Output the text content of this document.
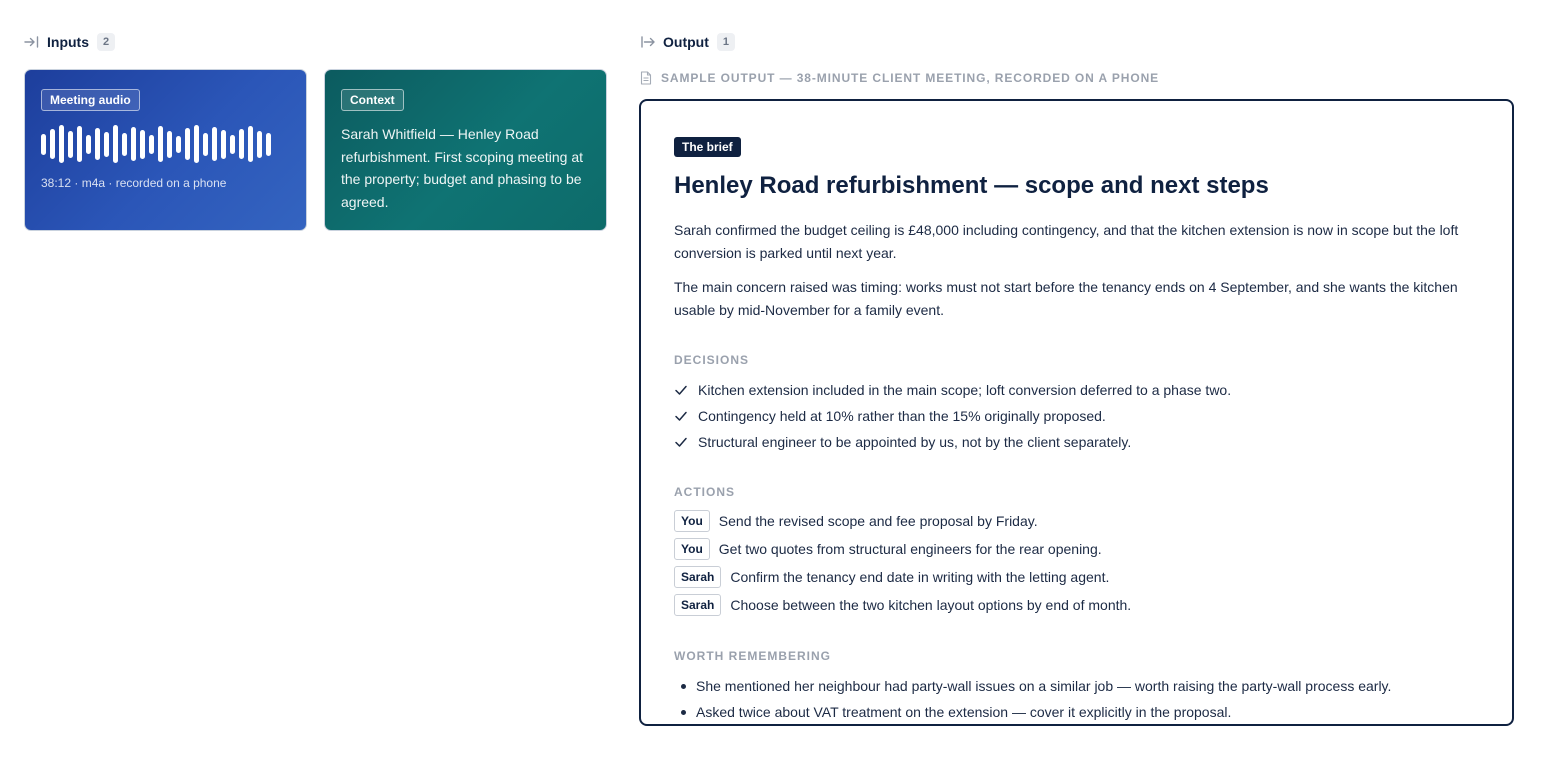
Inputs	2	Output	1
Meeting audio
38:12 · m4a · recorded on a phone
Context
Sarah Whitfield — Henley Road refurbishment. First scoping meeting at the property; budget and phasing to be agreed.
SAMPLE OUTPUT — 38-MINUTE CLIENT MEETING, RECORDED ON A PHONE
The brief
Henley Road refurbishment — scope and next steps

Sarah confirmed the budget ceiling is £48,000 including contingency, and that the kitchen extension is now in scope but the loft conversion is parked until next year.

The main concern raised was timing: works must not start before the tenancy ends on 4 September, and she wants the kitchen usable by mid-November for a family event.

DECISIONS
Kitchen extension included in the main scope; loft conversion deferred to a phase two.
Contingency held at 10% rather than the 15% originally proposed.
Structural engineer to be appointed by us, not by the client separately.
ACTIONS
You	Send the revised scope and fee proposal by Friday.
You	Get two quotes from structural engineers for the rear opening.
Sarah	Confirm the tenancy end date in writing with the letting agent.
Sarah	Choose between the two kitchen layout options by end of month.
WORTH REMEMBERING
She mentioned her neighbour had party-wall issues on a similar job — worth raising the party-wall process early.
Asked twice about VAT treatment on the extension — cover it explicitly in the proposal.
